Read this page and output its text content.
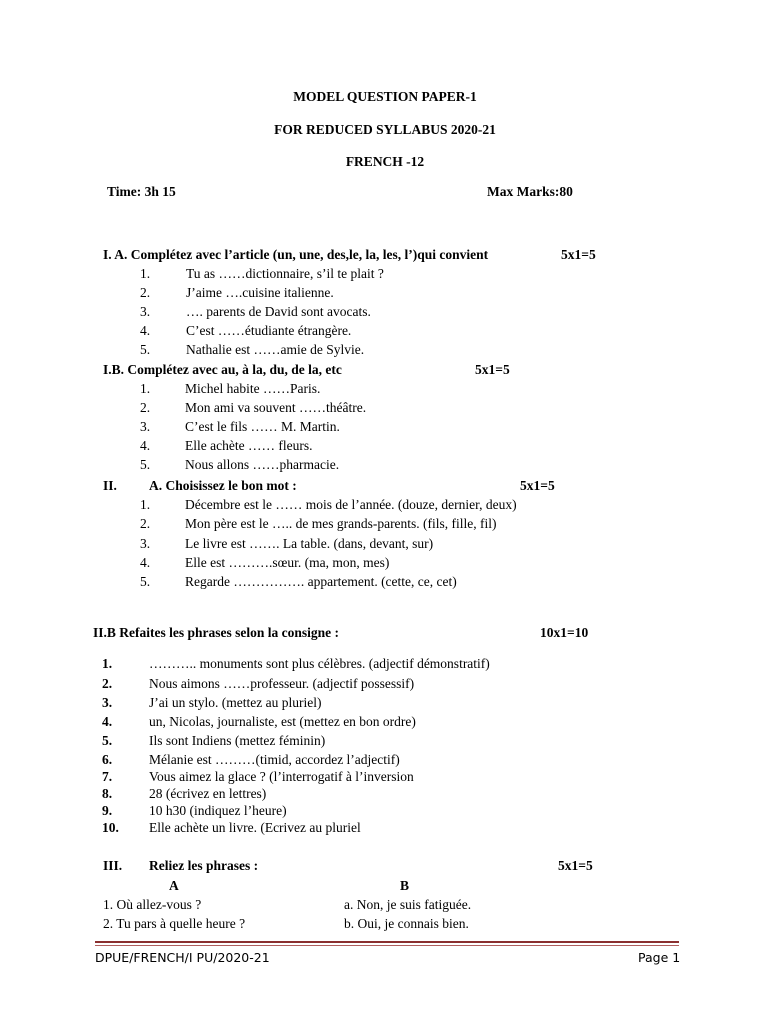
MODEL QUESTION PAPER-1
FOR REDUCED SYLLABUS 2020-21
FRENCH -12
Time: 3h 15	Max Marks:80
I. A. Complétez avec l’article (un, une, des,le, la, les, l’)qui convient	5x1=5
1.	Tu as ……dictionnaire, s’il te plait ?
2.	J’aime ….cuisine italienne.
3.	…. parents de David sont avocats.
4.	C’est ……étudiante étrangère.
5.	Nathalie est ……amie de Sylvie.
I.B. Complétez avec au, à la, du, de la, etc	5x1=5
1.	Michel habite ……Paris.
2.	Mon ami va souvent ……théâtre.
3.	C’est le fils …… M. Martin.
4.	Elle achète …… fleurs.
5.	Nous allons ……pharmacie.
II. A. Choisissez le bon mot :	5x1=5
1.	Décembre est le …… mois de l’année. (douze, dernier, deux)
2.	Mon père est le ….. de mes grands-parents. (fils, fille, fil)
3.	Le livre est ……. La table. (dans, devant, sur)
4.	Elle est ……….sœur. (ma, mon, mes)
5.	Regarde ……………. appartement. (cette, ce, cet)
II.B Refaites les phrases selon la consigne :	10x1=10
1.	……….. monuments sont plus célèbres. (adjectif démonstratif)
2.	Nous aimons ……professeur. (adjectif possessif)
3.	J’ai un stylo. (mettez au pluriel)
4.	un, Nicolas, journaliste, est (mettez en bon ordre)
5.	Ils sont Indiens (mettez féminin)
6.	Mélanie est ………(timid, accordez l’adjectif)
7.	Vous aimez la glace ? (l’interrogatif à l’inversion
8.	28 (écrivez en lettres)
9.	10 h30 (indiquez l’heure)
10. Elle achète un livre. (Ecrivez au pluriel
III. Reliez les phrases :	5x1=5
A	B
1. Où allez-vous ?	a. Non, je suis fatiguée.
2. Tu pars à quelle heure ?	b. Oui, je connais bien.
DPUE/FRENCH/I PU/2020-21	Page 1
